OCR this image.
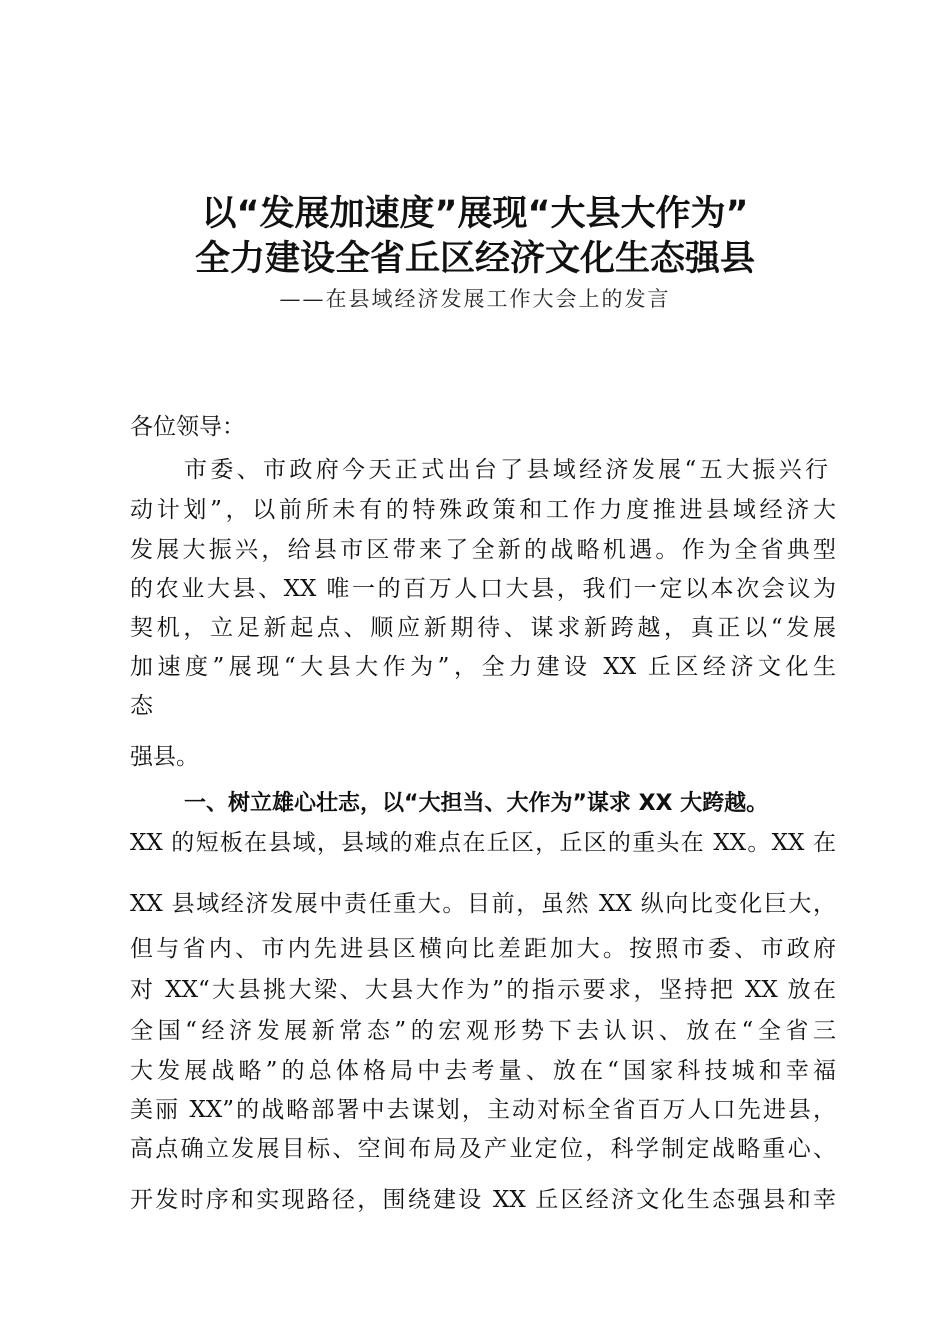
以“发展加速度”展现“大县大作为”
全力建设全省丘区经济文化生态强县
——在县域经济发展工作大会上的发言
各位领导：
市委、市政府今天正式出台了县域经济发展“五大振兴行
动计划”，以前所未有的特殊政策和工作力度推进县域经济大
发展大振兴，给县市区带来了全新的战略机遇。作为全省典型
的农业大县、XX 唯一的百万人口大县，我们一定以本次会议为
契机，立足新起点、顺应新期待、谋求新跨越，真正以“发展
加速度”展现“大县大作为”，全力建设 XX 丘区经济文化生
态
强县。
一、树立雄心壮志，以“大担当、大作为”谋求 XX 大跨越。
XX 的短板在县域，县域的难点在丘区，丘区的重头在 XX。XX 在
XX 县域经济发展中责任重大。目前，虽然 XX 纵向比变化巨大，
但与省内、市内先进县区横向比差距加大。按照市委、市政府
对 XX“大县挑大梁、大县大作为”的指示要求，坚持把 XX 放在
全国“经济发展新常态”的宏观形势下去认识、放在“全省三
大发展战略”的总体格局中去考量、放在“国家科技城和幸福
美丽 XX”的战略部署中去谋划，主动对标全省百万人口先进县，
高点确立发展目标、空间布局及产业定位，科学制定战略重心、
开发时序和实现路径，围绕建设 XX 丘区经济文化生态强县和幸
